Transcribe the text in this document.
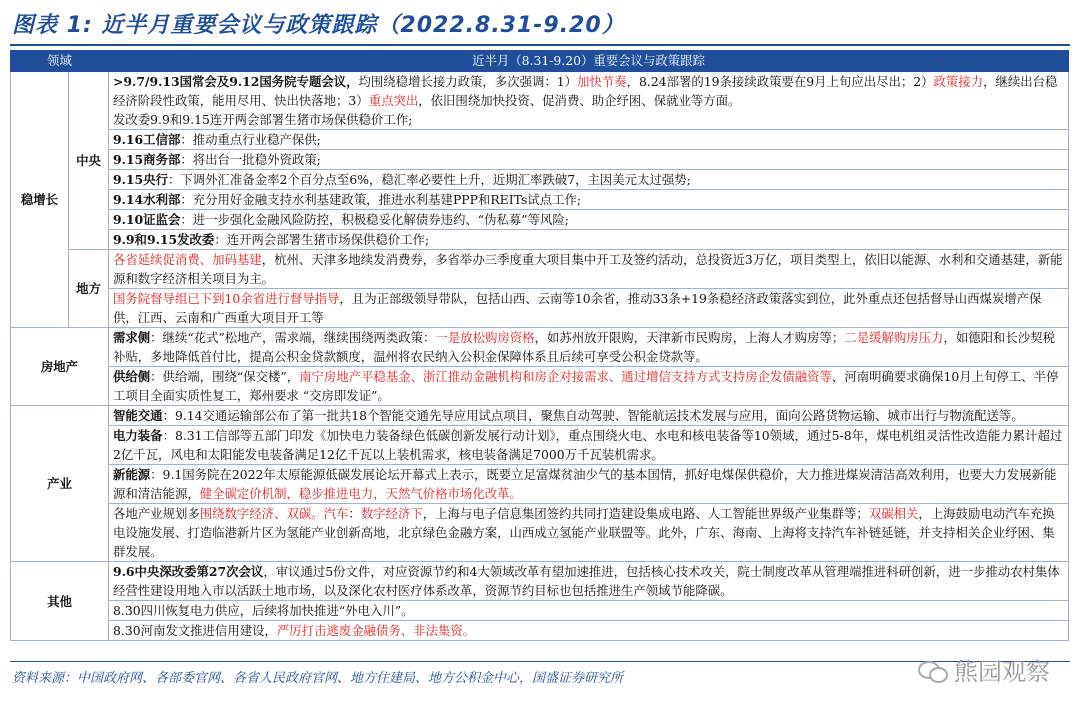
图表 1: 近半月重要会议与政策跟踪（2022.8.31-9.20）
领域		近半月（8.31-9.20）重要会议与政策跟踪
稳增长	中央	>9.7/9.13国常会及9.12国务院专题会议，均围绕稳增长接力政策，多次强调：1）加快节奏，8.24部署的19条接续政策要在9月上旬应出尽出；2）政策接力，继续出台稳经济阶段性政策，能用尽用、快出快落地；3）重点突出，依旧围绕加快投资、促消费、助企纾困、保就业等方面。
发改委9.9和9.15连开两会部署生猪市场保供稳价工作;
		9.16工信部：推动重点行业稳产保供;
		9.15商务部：将出台一批稳外资政策;
		9.15央行：下调外汇准备金率2个百分点至6%，稳汇率必要性上升，近期汇率跌破7，主因美元太过强势;
		9.14水利部：充分用好金融支持水利基建政策，推进水利基建PPP和REITs试点工作;
		9.10证监会：进一步强化金融风险防控，积极稳妥化解债券违约、“伪私募”等风险;
		9.9和9.15发改委：连开两会部署生猪市场保供稳价工作;
	地方	各省延续促消费、加码基建，杭州、天津多地续发消费券，多省举办三季度重大项目集中开工及签约活动，总投资近3万亿，项目类型上，依旧以能源、水利和交通基建，新能源和数字经济相关项目为主。
		国务院督导组已下到10余省进行督导指导，且为正部级领导带队，包括山西、云南等10余省，推动33条+19条稳经济政策落实到位，此外重点还包括督导山西煤炭增产保供，江西、云南和广西重大项目开工等
房地产		需求侧：继续“花式”松地产，需求端，继续围绕两类政策：一是放松购房资格，如苏州放开限购，天津新市民购房，上海人才购房等；二是缓解购房压力，如德阳和长沙契税补贴，多地降低首付比，提高公积金贷款额度，温州将农民纳入公积金保障体系且后续可享受公积金贷款等。
		供给侧：供给端，围绕“保交楼”，南宁房地产平稳基金、浙江推动金融机构和房企对接需求、通过增信支持方式支持房企发债融资等，河南明确要求确保10月上旬停工、半停工项目全面实质性复工，郑州要求 “交房即发证”。
产业		智能交通：9.14交通运输部公布了第一批共18个智能交通先导应用试点项目，聚焦自动驾驶、智能航运技术发展与应用，面向公路货物运输、城市出行与物流配送等。
		电力装备：8.31工信部等五部门印发《加快电力装备绿色低碳创新发展行动计划》，重点围绕火电、水电和核电装备等10领域，通过5-8年，煤电机组灵活性改造能力累计超过2亿千瓦，风电和太阳能发电装备满足12亿千瓦以上装机需求，核电装备满足7000万千瓦装机需求。
		新能源：9.1国务院在2022年太原能源低碳发展论坛开幕式上表示，既要立足富煤贫油少气的基本国情，抓好电煤保供稳价，大力推进煤炭清洁高效利用，也要大力发展新能源和清洁能源，健全碳定价机制，稳步推进电力，天然气价格市场化改革。
		各地产业规划多围绕数字经济、双碳。汽车：数字经济下，上海与电子信息集团签约共同打造建设集成电路、人工智能世界级产业集群等；双碳相关，上海鼓励电动汽车充换电设施发展、打造临港新片区为氢能产业创新高地，北京绿色金融方案，山西成立氢能产业联盟等。此外，广东、海南、上海将支持汽车补链延链，并支持相关企业纾困、集群发展。
其他		9.6中央深改委第27次会议，审议通过5份文件，对应资源节约和4大领域改革有望加速推进，包括核心技术攻关，院士制度改革从管理端推进科研创新，进一步推动农村集体经营性建设用地入市以活跃土地市场，以及深化农村医疗体系改革，资源节约目标也包括推进生产领域节能降碳。
		8.30四川恢复电力供应，后续将加快推进“外电入川”。
		8.30河南发文推进信用建设，严厉打击逃废金融债务、非法集资。
资料来源：中国政府网、各部委官网、各省人民政府官网、地方住建局、地方公积金中心，国盛证券研究所	熊园观察
